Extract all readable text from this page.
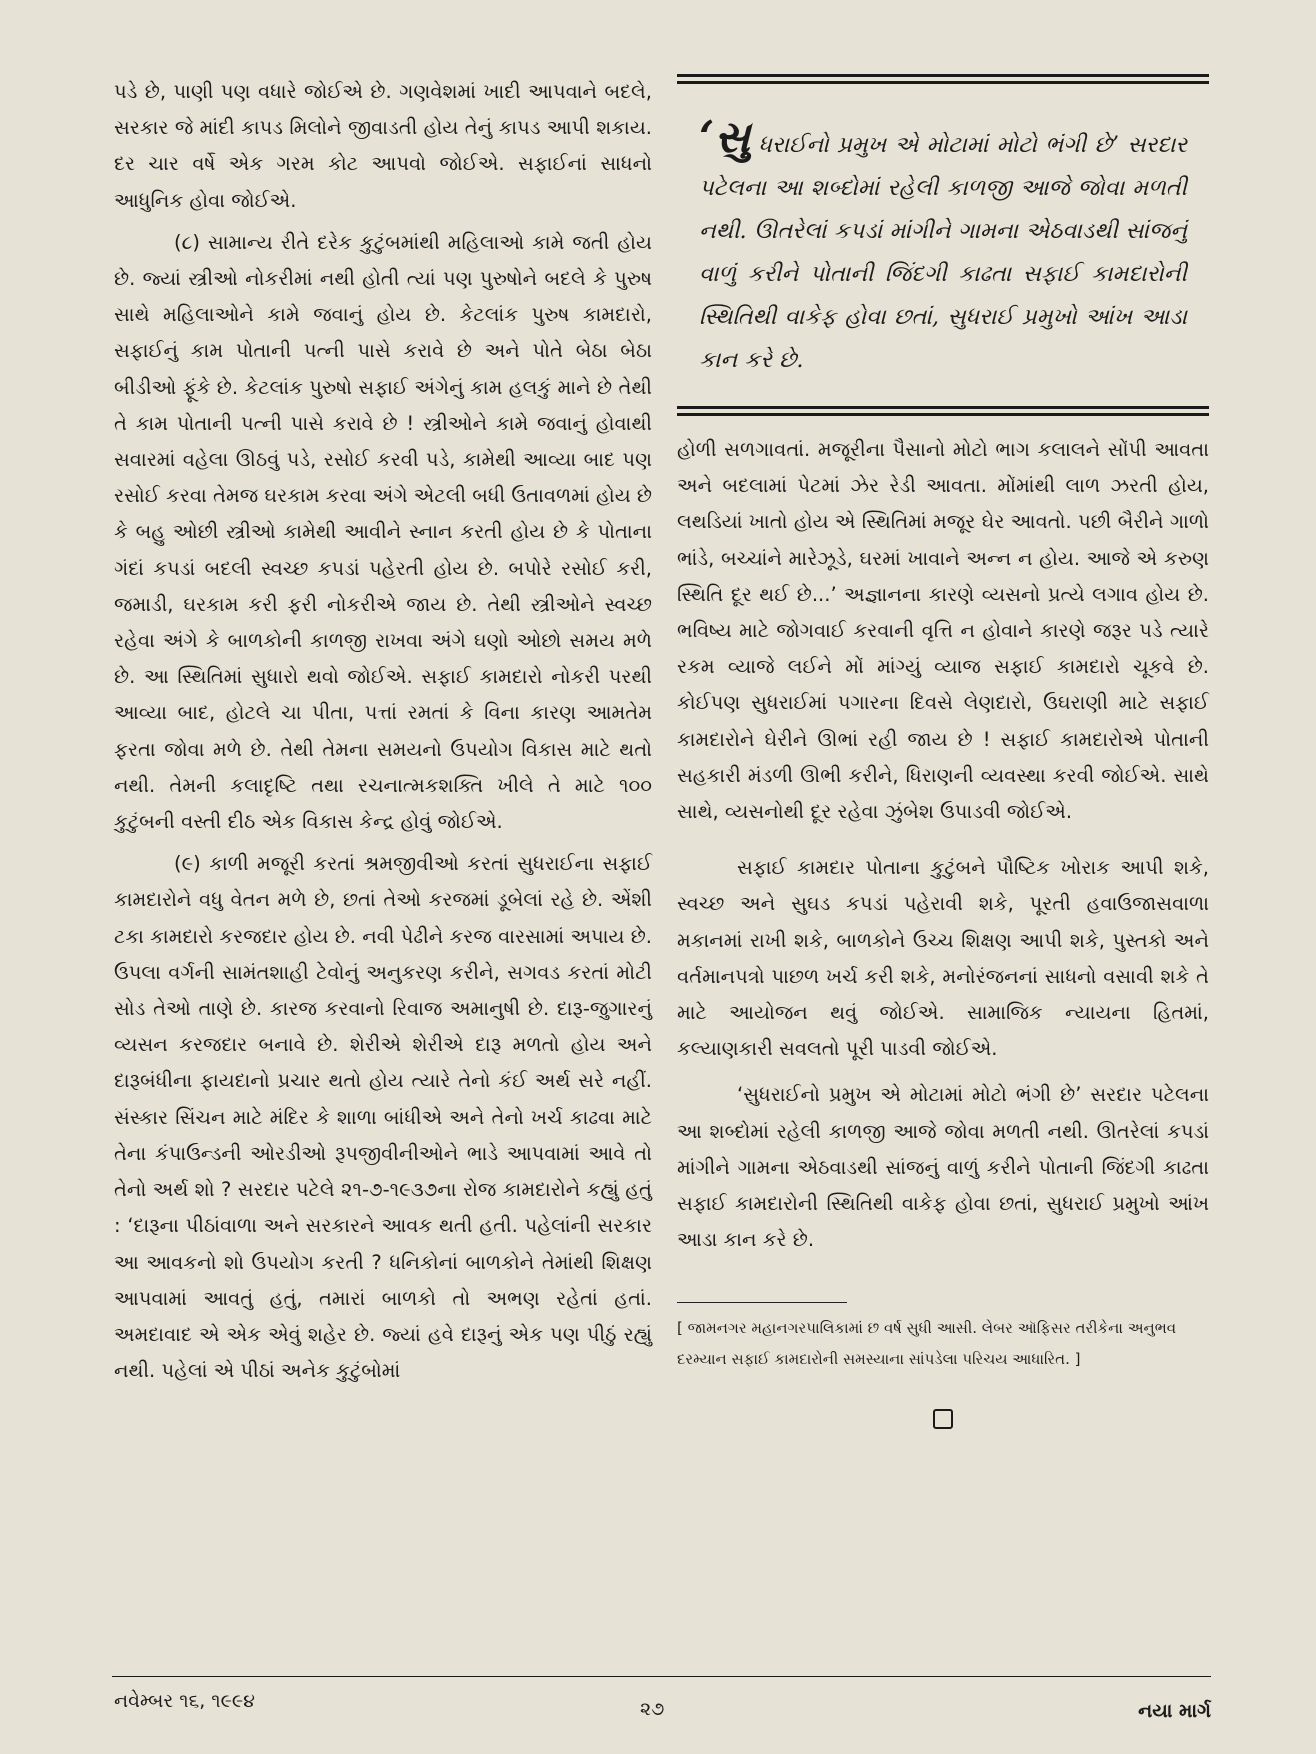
પડે છે, પાણી પણ વધારે જોઈએ છે. ગણવેશમાં ખાદી આપવાને બદલે, સરકાર જે માંદી કાપડ મિલોને જીવાડતી હોય તેનું કાપડ આપી શકાય. દર ચાર વર્ષે એક ગરમ કોટ આપવો જોઈએ. સફાઈનાં સાધનો આધુનિક હોવા જોઈએ.

(૮) સામાન્ય રીતે દરેક કુટુંબમાંથી મહિલાઓ કામે જતી હોય છે. જ્યાં સ્ત્રીઓ નોકરીમાં નથી હોતી ત્યાં પણ પુરુષોને બદલે કે પુરુષ સાથે મહિલાઓને કામે જવાનું હોય છે. કેટલાંક પુરુષ કામદારો, સફાઈનું કામ પોતાની પત્ની પાસે કરાવે છે અને પોતે બેઠા બેઠા બીડીઓ ફૂંકે છે. કેટલાંક પુરુષો સફાઈ અંગેનું કામ હલકું માને છે તેથી તે કામ પોતાની પત્ની પાસે કરાવે છે ! સ્ત્રીઓને કામે જવાનું હોવાથી સવારમાં વહેલા ઊઠવું પડે, રસોઈ કરવી પડે, કામેથી આવ્યા બાદ પણ રસોઈ કરવા તેમજ ઘરકામ કરવા અંગે એટલી બધી ઉતાવળમાં હોય છે કે બહુ ઓછી સ્ત્રીઓ કામેથી આવીને સ્નાન કરતી હોય છે કે પોતાના ગંદાં કપડાં બદલી સ્વચ્છ કપડાં પહેરતી હોય છે. બપોરે રસોઈ કરી, જમાડી, ઘરકામ કરી ફરી નોકરીએ જાય છે. તેથી સ્ત્રીઓને સ્વચ્છ રહેવા અંગે કે બાળકોની કાળજી રાખવા અંગે ઘણો ઓછો સમય મળે છે. આ સ્થિતિમાં સુધારો થવો જોઈએ. સફાઈ કામદારો નોકરી પરથી આવ્યા બાદ, હોટલે ચા પીતા, પત્તાં રમતાં કે વિના કારણ આમતેમ ફરતા જોવા મળે છે. તેથી તેમના સમયનો ઉપયોગ વિકાસ માટે થતો નથી. તેમની કલાદૃષ્ટિ તથા રચનાત્મકશક્તિ ખીલે તે માટે ૧૦૦ કુટુંબની વસ્તી દીઠ એક વિકાસ કેન્દ્ર હોવું જોઈએ.

(૯) કાળી મજૂરી કરતાં શ્રમજીવીઓ કરતાં સુધરાઈના સફાઈ કામદારોને વધુ વેતન મળે છે, છતાં તેઓ કરજમાં ડૂબેલાં રહે છે. એંશી ટકા કામદારો કરજદાર હોય છે. નવી પેઢીને કરજ વારસામાં અપાય છે. ઉપલા વર્ગની સામંતશાહી ટેવોનું અનુકરણ કરીને, સગવડ કરતાં મોટી સોડ તેઓ તાણે છે. કારજ કરવાનો રિવાજ અમાનુષી છે. દારૂ-જુગારનું વ્યસન કરજદાર બનાવે છે. શેરીએ શેરીએ દારૂ મળતો હોય અને દારૂબંધીના ફાયદાનો પ્રચાર થતો હોય ત્યારે તેનો કંઈ અર્થ સરે નહીં. સંસ્કાર સિંચન માટે મંદિર કે શાળા બાંધીએ અને તેનો ખર્ચ કાઢવા માટે તેના કંપાઉન્ડની ઓરડીઓ રૂપજીવીનીઓને ભાડે આપવામાં આવે તો તેનો અર્થ શો ? સરદાર પટેલે ૨૧-૭-૧૯૩૭ના રોજ કામદારોને કહ્યું હતું : ‘દારૂના પીઠાંવાળા અને સરકારને આવક થતી હતી. પહેલાંની સરકાર આ આવકનો શો ઉપયોગ કરતી ? ધનિકોનાં બાળકોને તેમાંથી શિક્ષણ આપવામાં આવતું હતું, તમારાં બાળકો તો અભણ રહેતાં હતાં. અમદાવાદ એ એક એવું શહેર છે. જ્યાં હવે દારૂનું એક પણ પીઠું રહ્યું નથી. પહેલાં એ પીઠાં અનેક કુટુંબોમાં

‘સુ ધરાઈનો પ્રમુખ એ મોટામાં મોટો ભંગી છે’ સરદાર પટેલના આ શબ્દોમાં રહેલી કાળજી આજે જોવા મળતી નથી. ઊતરેલાં કપડાં માંગીને ગામના એઠવાડથી સાંજનું વાળું કરીને પોતાની જિંદગી કાઢતા સફાઈ કામદારોની સ્થિતિથી વાકેફ હોવા છતાં, સુધરાઈ પ્રમુખો આંખ આડા કાન કરે છે.

હોળી સળગાવતાં. મજૂરીના પૈસાનો મોટો ભાગ કલાલને સોંપી આવતા અને બદલામાં પેટમાં ઝેર રેડી આવતા. મોંમાંથી લાળ ઝરતી હોય, લથડિયાં ખાતો હોય એ સ્થિતિમાં મજૂર ઘેર આવતો. પછી બૈરીને ગાળો ભાંડે, બચ્ચાંને મારેઝૂડે, ઘરમાં ખાવાને અન્ન ન હોય. આજે એ કરુણ સ્થિતિ દૂર થઈ છે...’ અજ્ઞાનના કારણે વ્યસનો પ્રત્યે લગાવ હોય છે. ભવિષ્ય માટે જોગવાઈ કરવાની વૃત્તિ ન હોવાને કારણે જરૂર પડે ત્યારે રકમ વ્યાજે લઈને મોં માંગ્યું વ્યાજ સફાઈ કામદારો ચૂકવે છે. કોઈપણ સુધરાઈમાં પગારના દિવસે લેણદારો, ઉઘરાણી માટે સફાઈ કામદારોને ઘેરીને ઊભાં રહી જાય છે ! સફાઈ કામદારોએ પોતાની સહકારી મંડળી ઊભી કરીને, ધિરાણની વ્યવસ્થા કરવી જોઈએ. સાથે સાથે, વ્યસનોથી દૂર રહેવા ઝુંબેશ ઉપાડવી જોઈએ.

સફાઈ કામદાર પોતાના કુટુંબને પૌષ્ટિક ખોરાક આપી શકે, સ્વચ્છ અને સુઘડ કપડાં પહેરાવી શકે, પૂરતી હવાઉજાસવાળા મકાનમાં રાખી શકે, બાળકોને ઉચ્ચ શિક્ષણ આપી શકે, પુસ્તકો અને વર્તમાનપત્રો પાછળ ખર્ચ કરી શકે, મનોરંજનનાં સાધનો વસાવી શકે તે માટે આયોજન થવું જોઈએ. સામાજિક ન્યાયના હિતમાં, કલ્યાણકારી સવલતો પૂરી પાડવી જોઈએ.

‘સુધરાઈનો પ્રમુખ એ મોટામાં મોટો ભંગી છે’ સરદાર પટેલના આ શબ્દોમાં રહેલી કાળજી આજે જોવા મળતી નથી. ઊતરેલાં કપડાં માંગીને ગામના એઠવાડથી સાંજનું વાળું કરીને પોતાની જિંદગી કાઢતા સફાઈ કામદારોની સ્થિતિથી વાકેફ હોવા છતાં, સુધરાઈ પ્રમુખો આંખ આડા કાન કરે છે.

[ જામનગર મહાનગરપાલિકામાં છ વર્ષ સુધી આસી. લેબર ઑફિસર તરીકેના અનુભવ દરમ્યાન સફાઈ કામદારોની સમસ્યાના સાંપડેલા પરિચય આધારિત. ]
નવેમ્બર ૧૬, ૧૯૯૪	૨૭	નયા માર્ગ
